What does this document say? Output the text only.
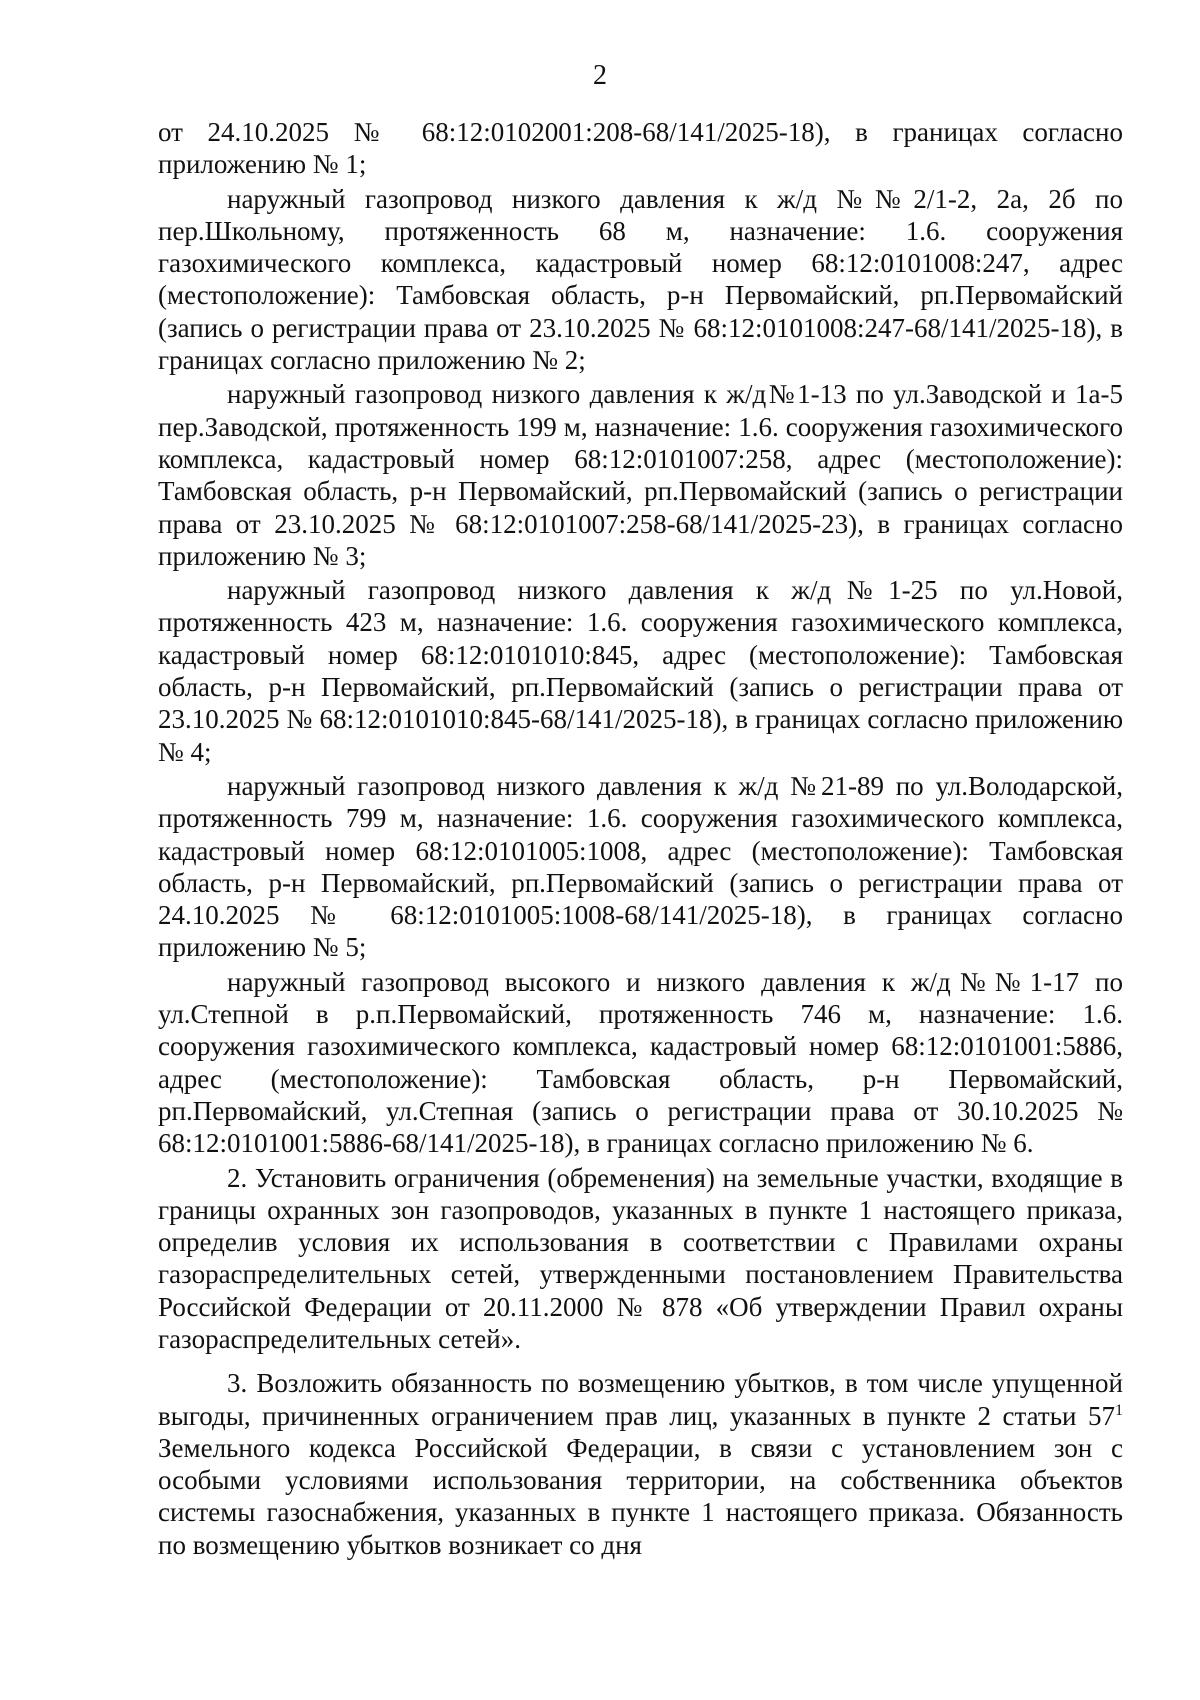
2

от 24.10.2025 № 68:12:0102001:208-68/141/2025-18), в границах согласно приложению № 1;

наружный газопровод низкого давления к ж/д №№2/1-2, 2а, 2б по пер.Школьному, протяженность 68 м, назначение: 1.6. сооружения газохимического комплекса, кадастровый номер 68:12:0101008:247, адрес (местоположение): Тамбовская область, р-н Первомайский, рп.Первомайский (запись о регистрации права от 23.10.2025 № 68:12:0101008:247-68/141/2025-18), в границах согласно приложению № 2;

наружный газопровод низкого давления к ж/д№1-13 по ул.Заводской и 1а-5 пер.Заводской, протяженность 199 м, назначение: 1.6. сооружения газохимического комплекса, кадастровый номер 68:12:0101007:258, адрес (местоположение): Тамбовская область, р-н Первомайский, рп.Первомайский (запись о регистрации права от 23.10.2025 № 68:12:0101007:258-68/141/2025-23), в границах согласно приложению № 3;

наружный газопровод низкого давления к ж/д№1-25 по ул.Новой, протяженность 423 м, назначение: 1.6. сооружения газохимического комплекса, кадастровый номер 68:12:0101010:845, адрес (местоположение): Тамбовская область, р-н Первомайский, рп.Первомайский (запись о регистрации права от 23.10.2025 № 68:12:0101010:845-68/141/2025-18), в границах согласно приложению № 4;

наружный газопровод низкого давления к ж/д №21-89 по ул.Володарской, протяженность 799 м, назначение: 1.6. сооружения газохимического комплекса, кадастровый номер 68:12:0101005:1008, адрес (местоположение): Тамбовская область, р-н Первомайский, рп.Первомайский (запись о регистрации права от 24.10.2025 № 68:12:0101005:1008-68/141/2025-18), в границах согласно приложению № 5;

наружный газопровод высокого и низкого давления к ж/д№№1-17 по ул.Степной в р.п.Первомайский, протяженность 746 м, назначение: 1.6. сооружения газохимического комплекса, кадастровый номер 68:12:0101001:5886, адрес (местоположение): Тамбовская область, р-н Первомайский, рп.Первомайский, ул.Степная (запись о регистрации права от 30.10.2025 № 68:12:0101001:5886-68/141/2025-18), в границах согласно приложению № 6.

2. Установить ограничения (обременения) на земельные участки, входящие в границы охранных зон газопроводов, указанных в пункте 1 настоящего приказа, определив условия их использования в соответствии с Правилами охраны газораспределительных сетей, утвержденными постановлением Правительства Российской Федерации от 20.11.2000 № 878 «Об утверждении Правил охраны газораспределительных сетей».

3. Возложить обязанность по возмещению убытков, в том числе упущенной выгоды, причиненных ограничением прав лиц, указанных в пункте 2 статьи $57^1$ Земельного кодекса Российской Федерации, в связи с установлением зон с особыми условиями использования территории, на собственника объектов системы газоснабжения, указанных в пункте 1 настоящего приказа. Обязанность по возмещению убытков возникает со дня
